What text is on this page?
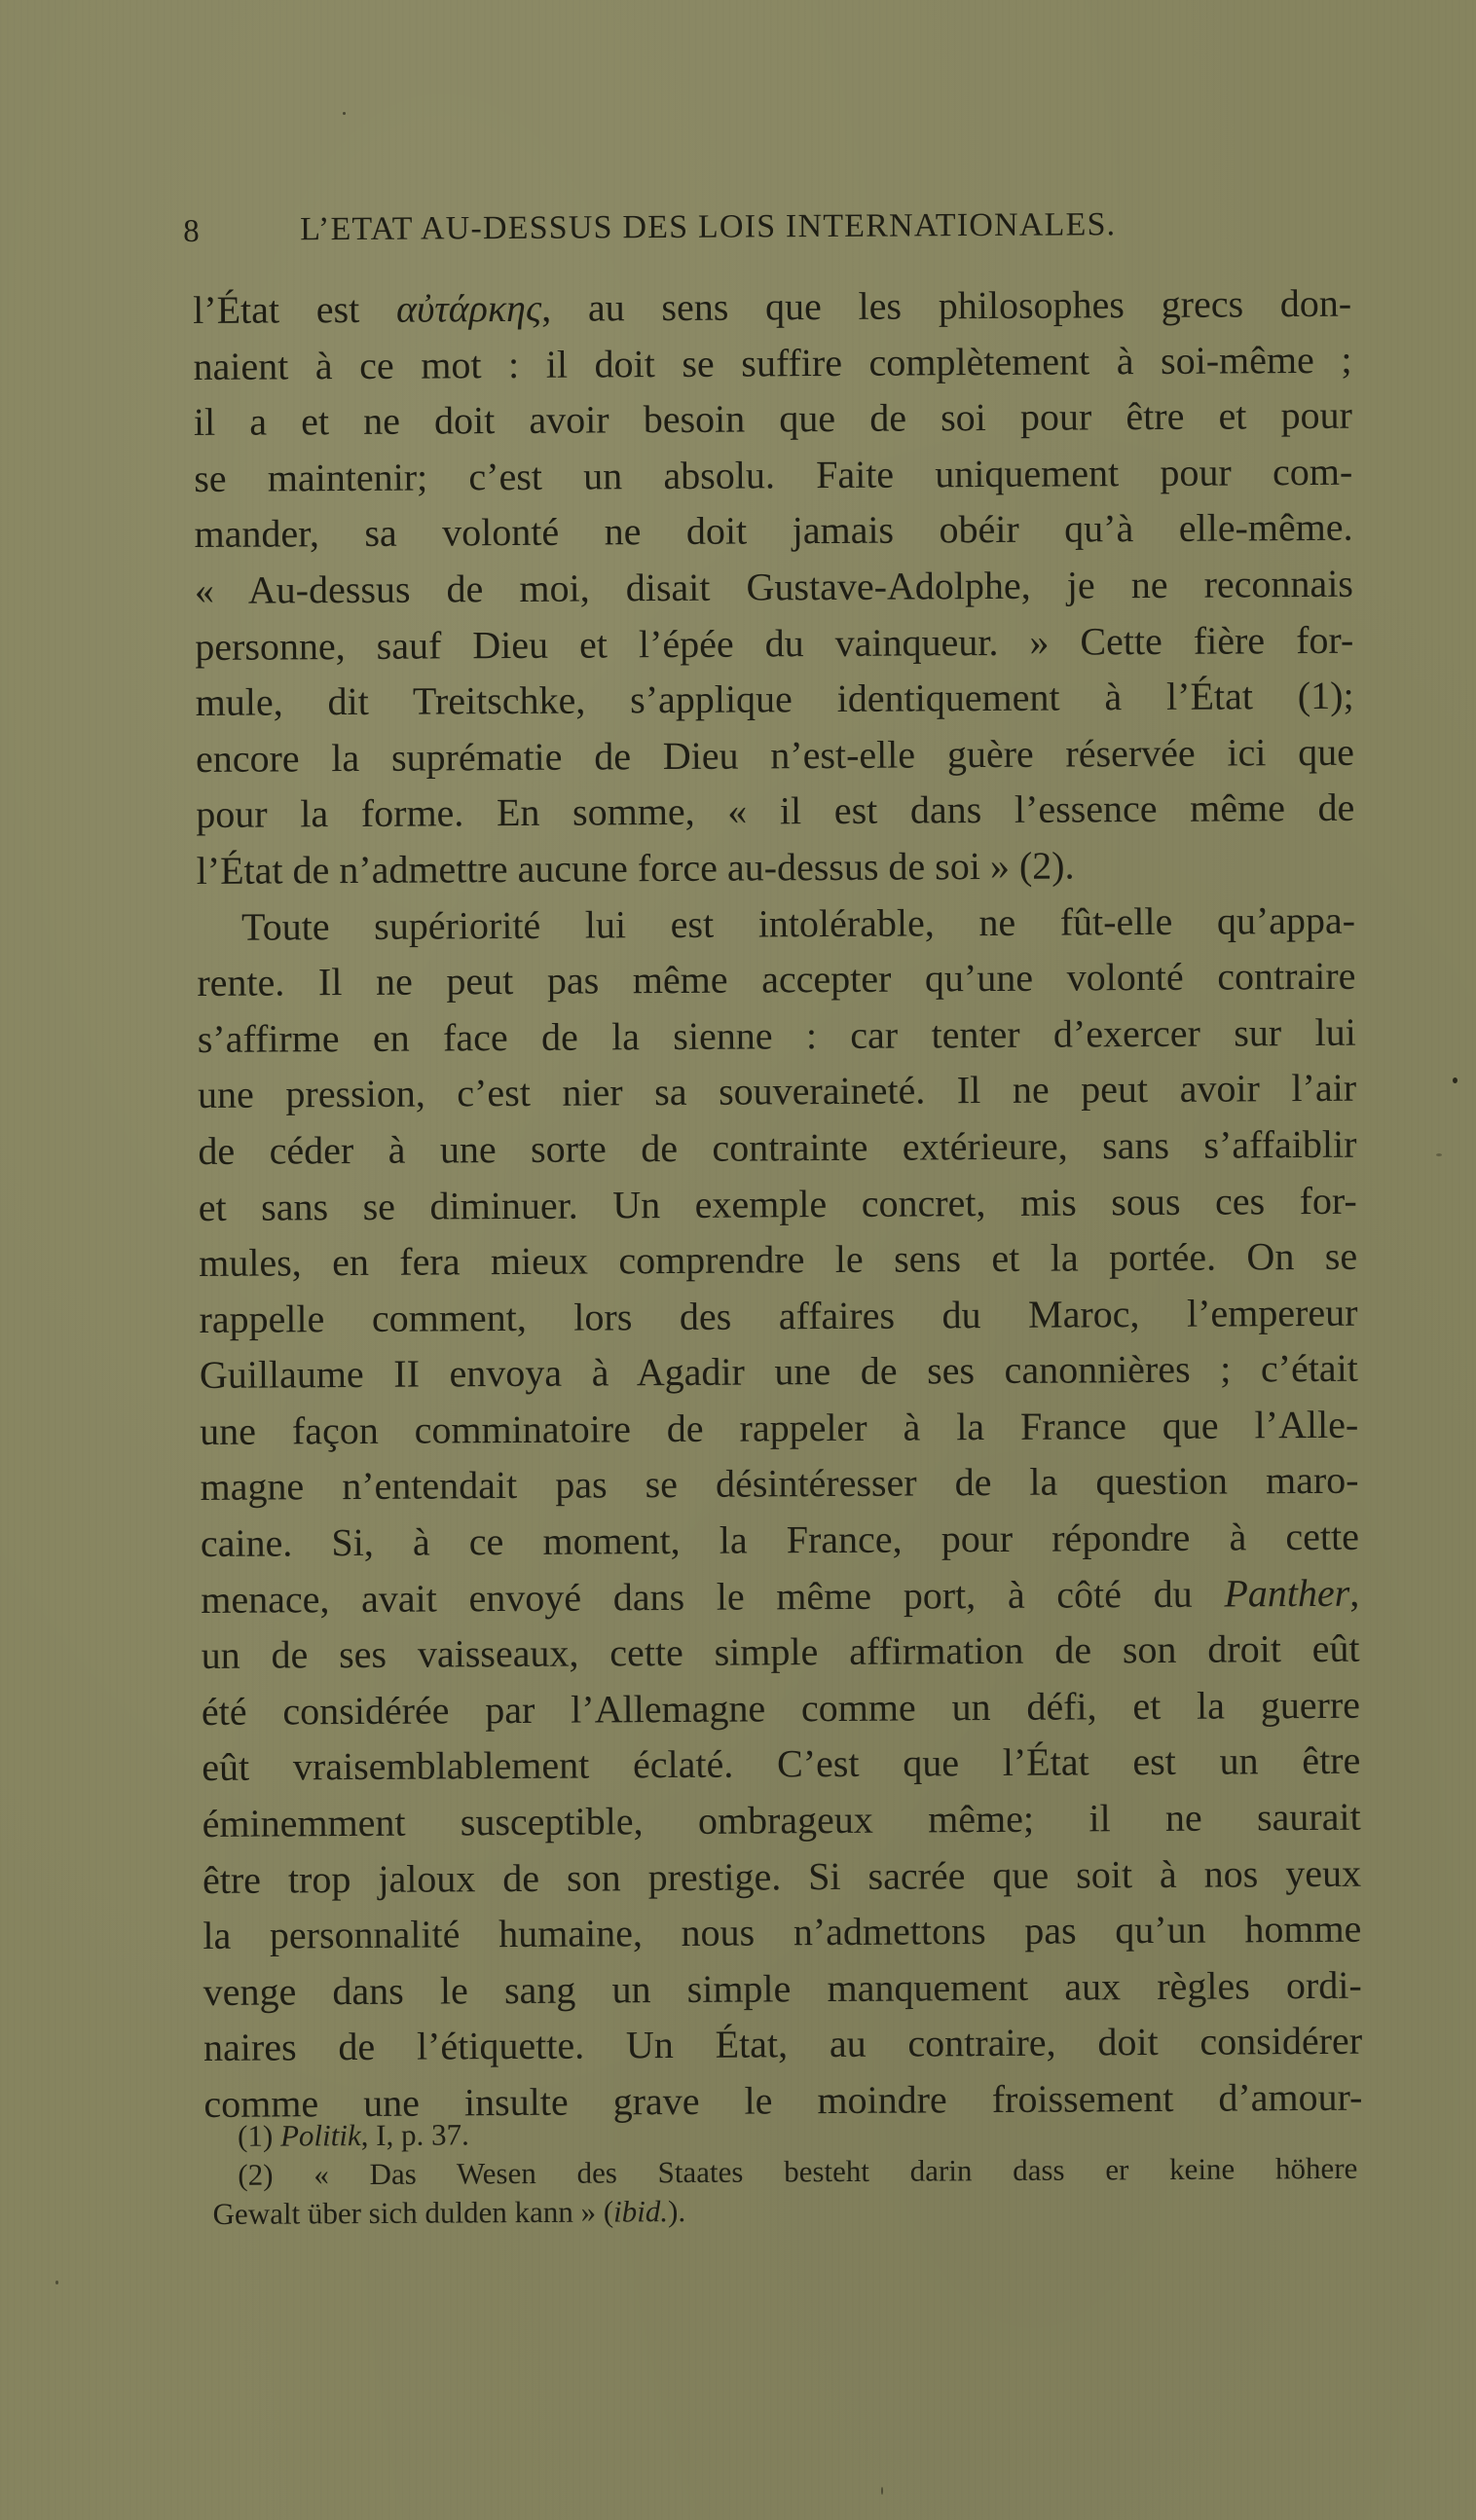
8	L’ETAT AU-DESSUS DES LOIS INTERNATIONALES.
l’État est αὐτάρκης, au sens que les philosophes grecs don-
naient à ce mot : il doit se suffire complètement à soi-même ;
il a et ne doit avoir besoin que de soi pour être et pour
se maintenir; c’est un absolu. Faite uniquement pour com-
mander, sa volonté ne doit jamais obéir qu’à elle-même.
« Au-dessus de moi, disait Gustave-Adolphe, je ne reconnais
personne, sauf Dieu et l’épée du vainqueur. » Cette fière for-
mule, dit Treitschke, s’applique identiquement à l’État (1);
encore la suprématie de Dieu n’est-elle guère réservée ici que
pour la forme. En somme, « il est dans l’essence même de
l’État de n’admettre aucune force au-dessus de soi » (2).
Toute supériorité lui est intolérable, ne fût-elle qu’appa-
rente. Il ne peut pas même accepter qu’une volonté contraire
s’affirme en face de la sienne : car tenter d’exercer sur lui
une pression, c’est nier sa souveraineté. Il ne peut avoir l’air
de céder à une sorte de contrainte extérieure, sans s’affaiblir
et sans se diminuer. Un exemple concret, mis sous ces for-
mules, en fera mieux comprendre le sens et la portée. On se
rappelle comment, lors des affaires du Maroc, l’empereur
Guillaume II envoya à Agadir une de ses canonnières ; c’était
une façon comminatoire de rappeler à la France que l’Alle-
magne n’entendait pas se désintéresser de la question maro-
caine. Si, à ce moment, la France, pour répondre à cette
menace, avait envoyé dans le même port, à côté du Panther,
un de ses vaisseaux, cette simple affirmation de son droit eût
été considérée par l’Allemagne comme un défi, et la guerre
eût vraisemblablement éclaté. C’est que l’État est un être
éminemment susceptible, ombrageux même; il ne saurait
être trop jaloux de son prestige. Si sacrée que soit à nos yeux
la personnalité humaine, nous n’admettons pas qu’un homme
venge dans le sang un simple manquement aux règles ordi-
naires de l’étiquette. Un État, au contraire, doit considérer
comme une insulte grave le moindre froissement d’amour-
(1) Politik, I, p. 37.
(2) « Das Wesen des Staates besteht darin dass er keine höhere
Gewalt über sich dulden kann » (ibid.).
